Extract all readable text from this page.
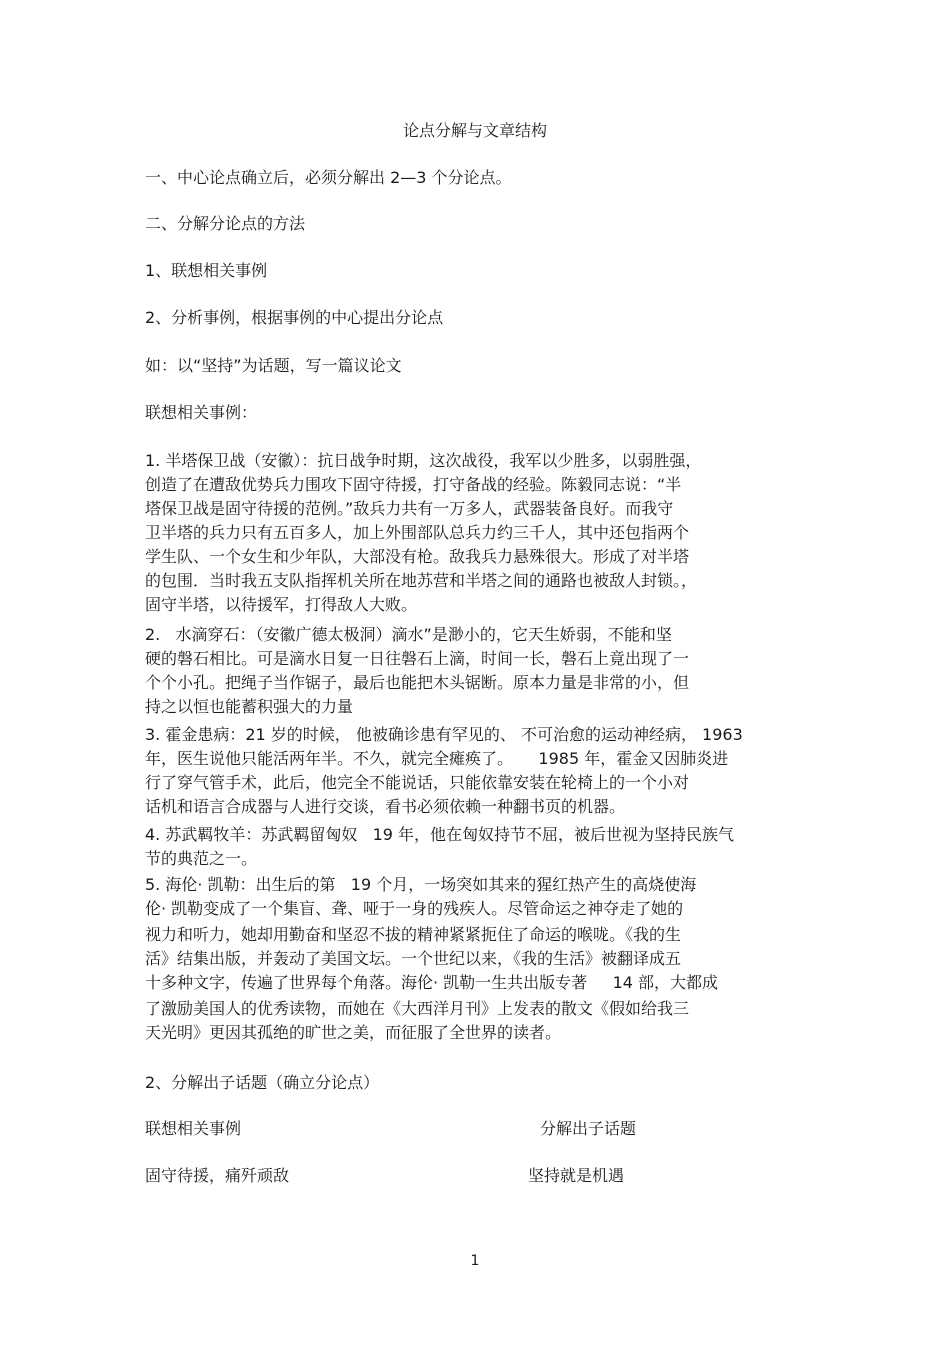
论点分解与文章结构

一、中心论点确立后，必须分解出 2—3 个分论点。

二、分解分论点的方法

1、联想相关事例

2、分析事例，根据事例的中心提出分论点

如：以“坚持”为话题，写一篇议论文

联想相关事例：

1. 半塔保卫战（安徽）：抗日战争时期，这次战役，我军以少胜多，以弱胜强，

创造了在遭敌优势兵力围攻下固守待援，打守备战的经验。陈毅同志说：“半

塔保卫战是固守待援的范例。”敌兵力共有一万多人，武器装备良好。而我守

卫半塔的兵力只有五百多人，加上外围部队总兵力约三千人，其中还包指两个

学生队、一个女生和少年队，大部没有枪。敌我兵力悬殊很大。形成了对半塔

的包围．当时我五支队指挥机关所在地苏营和半塔之间的通路也被敌人封锁。，

固守半塔，以待援军，打得敌人大败。

2.   水滴穿石：（安徽广德太极洞）滴水”是渺小的，它天生娇弱，不能和坚

硬的磐石相比。可是滴水日复一日往磐石上滴，时间一长，磐石上竟出现了一

个个小孔。把绳子当作锯子，最后也能把木头锯断。原本力量是非常的小，但

持之以恒也能蓄积强大的力量

3. 霍金患病：21 岁的时候， 他被确诊患有罕见的、 不可治愈的运动神经病， 1963

年，医生说他只能活两年半。不久，就完全瘫痪了。     1985 年，霍金又因肺炎进

行了穿气管手术，此后，他完全不能说话，只能依靠安装在轮椅上的一个小对

话机和语言合成器与人进行交谈，看书必须依赖一种翻书页的机器。

4. 苏武羁牧羊：苏武羁留匈奴   19 年，他在匈奴持节不屈，被后世视为坚持民族气

节的典范之一。

5. 海伦· 凯勒：出生后的第   19 个月，一场突如其来的猩红热产生的高烧使海

伦· 凯勒变成了一个集盲、聋、哑于一身的残疾人。尽管命运之神夺走了她的

视力和听力，她却用勤奋和坚忍不拔的精神紧紧扼住了命运的喉咙。《我的生

活》结集出版，并轰动了美国文坛。一个世纪以来，《我的生活》被翻译成五

十多种文字，传遍了世界每个角落。海伦· 凯勒一生共出版专著     14 部，大都成

了激励美国人的优秀读物，而她在《大西洋月刊》上发表的散文《假如给我三

天光明》更因其孤绝的旷世之美，而征服了全世界的读者。

2、分解出子话题（确立分论点）

联想相关事例	分解出子话题

固守待援，痛歼顽敌	坚持就是机遇

1
